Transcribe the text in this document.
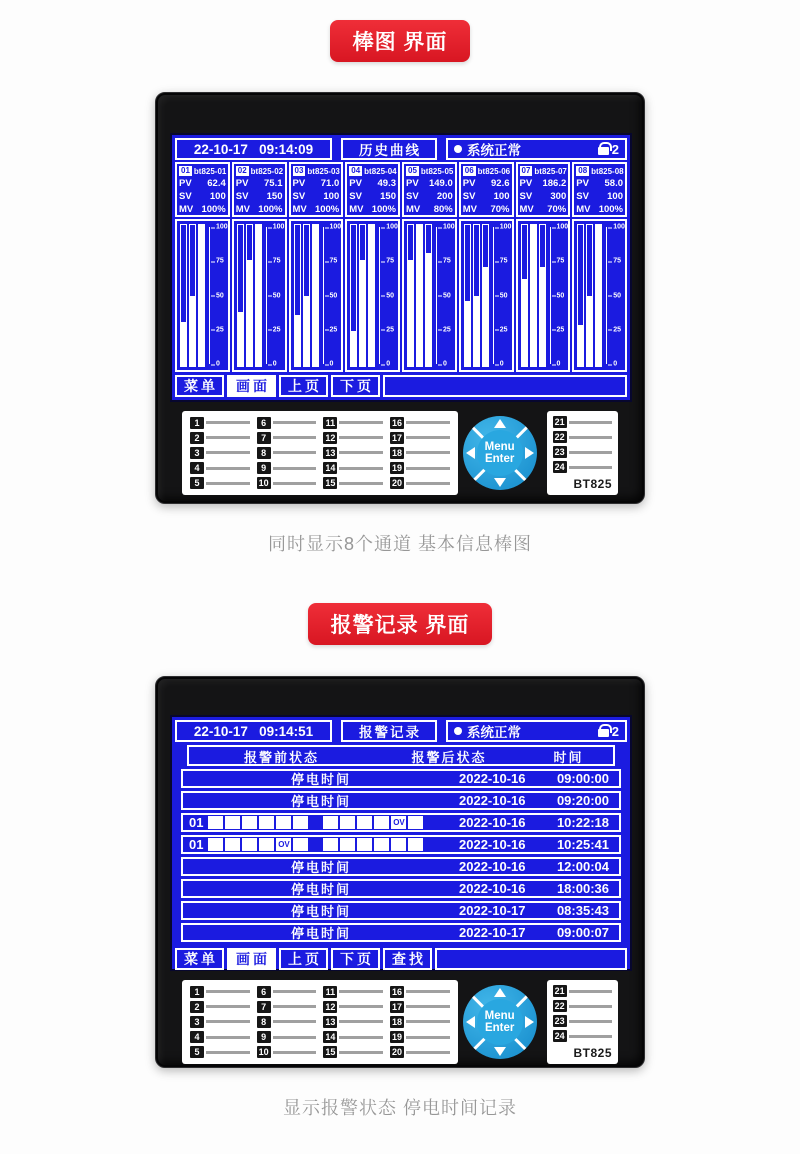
棒图 界面
22-10-17   09:14:09	历史曲线	系统正常	2
01 bt825-01
PV 62.4
SV 100
MV 100%
100
75
50
25
0
02 bt825-02
PV 75.1
SV 150
MV 100%
100
75
50
25
0
03 bt825-03
PV 71.0
SV 100
MV 100%
100
75
50
25
0
04 bt825-04
PV 49.3
SV 150
MV 100%
100
75
50
25
0
05 bt825-05
PV 149.0
SV 200
MV 80%
100
75
50
25
0
06 bt825-06
PV 92.6
SV 100
MV 70%
100
75
50
25
0
07 bt825-07
PV 186.2
SV 300
MV 70%
100
75
50
25
0
08 bt825-08
PV 58.0
SV 100
MV 100%
100
75
50
25
0
菜单	画面	上页	下页
1
2
3
4
5
6
7
8
9
10
11
12
13
14
15
16
17
18
19
20
Menu
Enter
21
22
23
24
BT825
同时显示8个通道 基本信息棒图
报警记录 界面
22-10-17   09:14:51	报警记录	系统正常	2
报警前状态	报警后状态	时间
停电时间	2022-10-16	09:00:00
停电时间	2022-10-16	09:20:00
01	OV	2022-10-16	10:22:18
01	OV	2022-10-16	10:25:41
停电时间	2022-10-16	12:00:04
停电时间	2022-10-16	18:00:36
停电时间	2022-10-17	08:35:43
停电时间	2022-10-17	09:00:07
菜单	画面	上页	下页	查找
1
2
3
4
5
6
7
8
9
10
11
12
13
14
15
16
17
18
19
20
Menu
Enter
21
22
23
24
BT825
显示报警状态 停电时间记录
